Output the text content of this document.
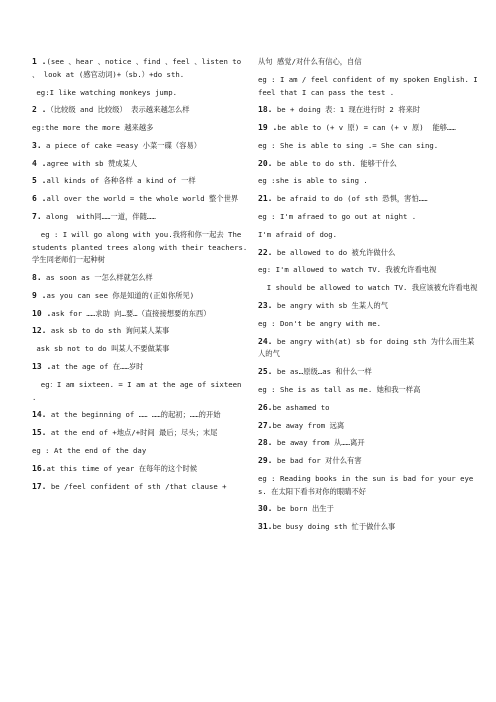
1 .(see 、hear 、notice 、find 、feel 、listen to 、 look at (感官动词)+（sb.）+do sth.
eg:I like watching monkeys jump.
2 .（比较级 and 比较级） 表示越来越怎么样
eg:the more the more 越来越多
3. a piece of cake =easy 小菜一碟（容易）
4 .agree with sb 赞成某人
5 .all kinds of 各种各样 a kind of 一样
6 .all over the world = the whole world 整个世界
7. along  with同……一道，伴随……
eg : I will go along with you.我将和你一起去 The students planted trees along with their teachers. 学生同老师们一起种树
8. as soon as 一怎么样就怎么样
9 .as you can see 你是知道的(正如你所见)
10 .ask for ……求助 向…要…（直接接想要的东西）
12. ask sb to do sth 询问某人某事
ask sb not to do 叫某人不要做某事
13 .at the age of 在……岁时
eg：I am sixteen. = I am at the age of sixteen .
14. at the beginning of …… ……的起初；……的开始
15. at the end of +地点/+时间 最后；尽头；末尾
eg : At the end of the day
16.at this time of year 在每年的这个时候
17. be /feel confident of sth /that clause +
从句 感觉/对什么有信心，自信
eg : I am / feel confident of my spoken English. I feel that I can pass the test .
18. be + doing 表：1 现在进行时 2 将来时
19 .be able to (+ v 原) = can (+ v 原)  能够……
eg : She is able to sing .= She can sing.
20. be able to do sth. 能够干什么
eg :she is able to sing .
21. be afraid to do (of sth 恐惧，害怕……
eg : I'm afraed to go out at night .
I'm afraid of dog.
22. be allowed to do 被允许做什么
eg: I'm allowed to watch TV. 我被允许看电视
I should be allowed to watch TV. 我应该被允许看电视
23. be angry with sb 生某人的气
eg : Don't be angry with me.
24. be angry with(at) sb for doing sth 为什么而生某人的气
25. be as…原级…as 和什么一样
eg : She is as tall as me. 她和我一样高
26.be ashamed to
27.be away from 远离
28. be away from 从……离开
29. be bad for 对什么有害
eg : Reading books in the sun is bad for your eyes. 在太阳下看书对你的眼睛不好
30. be born 出生于
31.be busy doing sth 忙于做什么事
